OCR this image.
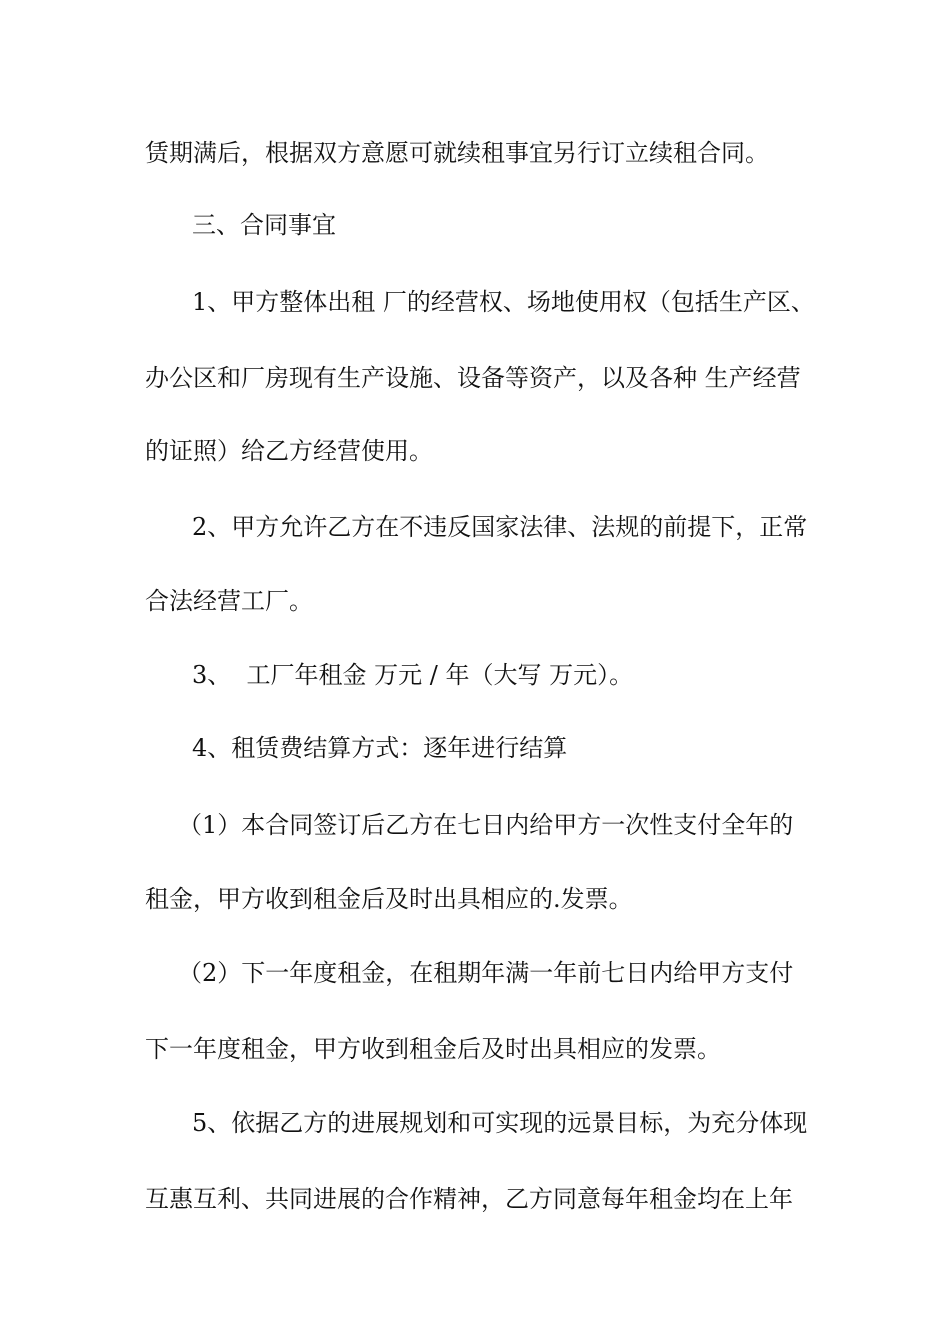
赁期满后，根据双方意愿可就续租事宜另行订立续租合同。
三、合同事宜
1、甲方整体出租 厂的经营权、场地使用权（包括生产区、
办公区和厂房现有生产设施、设备等资产，以及各种 生产经营
的证照）给乙方经营使用。
2、甲方允许乙方在不违反国家法律、法规的前提下，正常
合法经营工厂。
3、  工厂年租金 万元 / 年（大写 万元）。
4、租赁费结算方式：逐年进行结算
（1）本合同签订后乙方在七日内给甲方一次性支付全年的
租金，甲方收到租金后及时出具相应的.发票。
（2）下一年度租金，在租期年满一年前七日内给甲方支付
下一年度租金，甲方收到租金后及时出具相应的发票。
5、依据乙方的进展规划和可实现的远景目标，为充分体现
互惠互利、共同进展的合作精神，乙方同意每年租金均在上年
